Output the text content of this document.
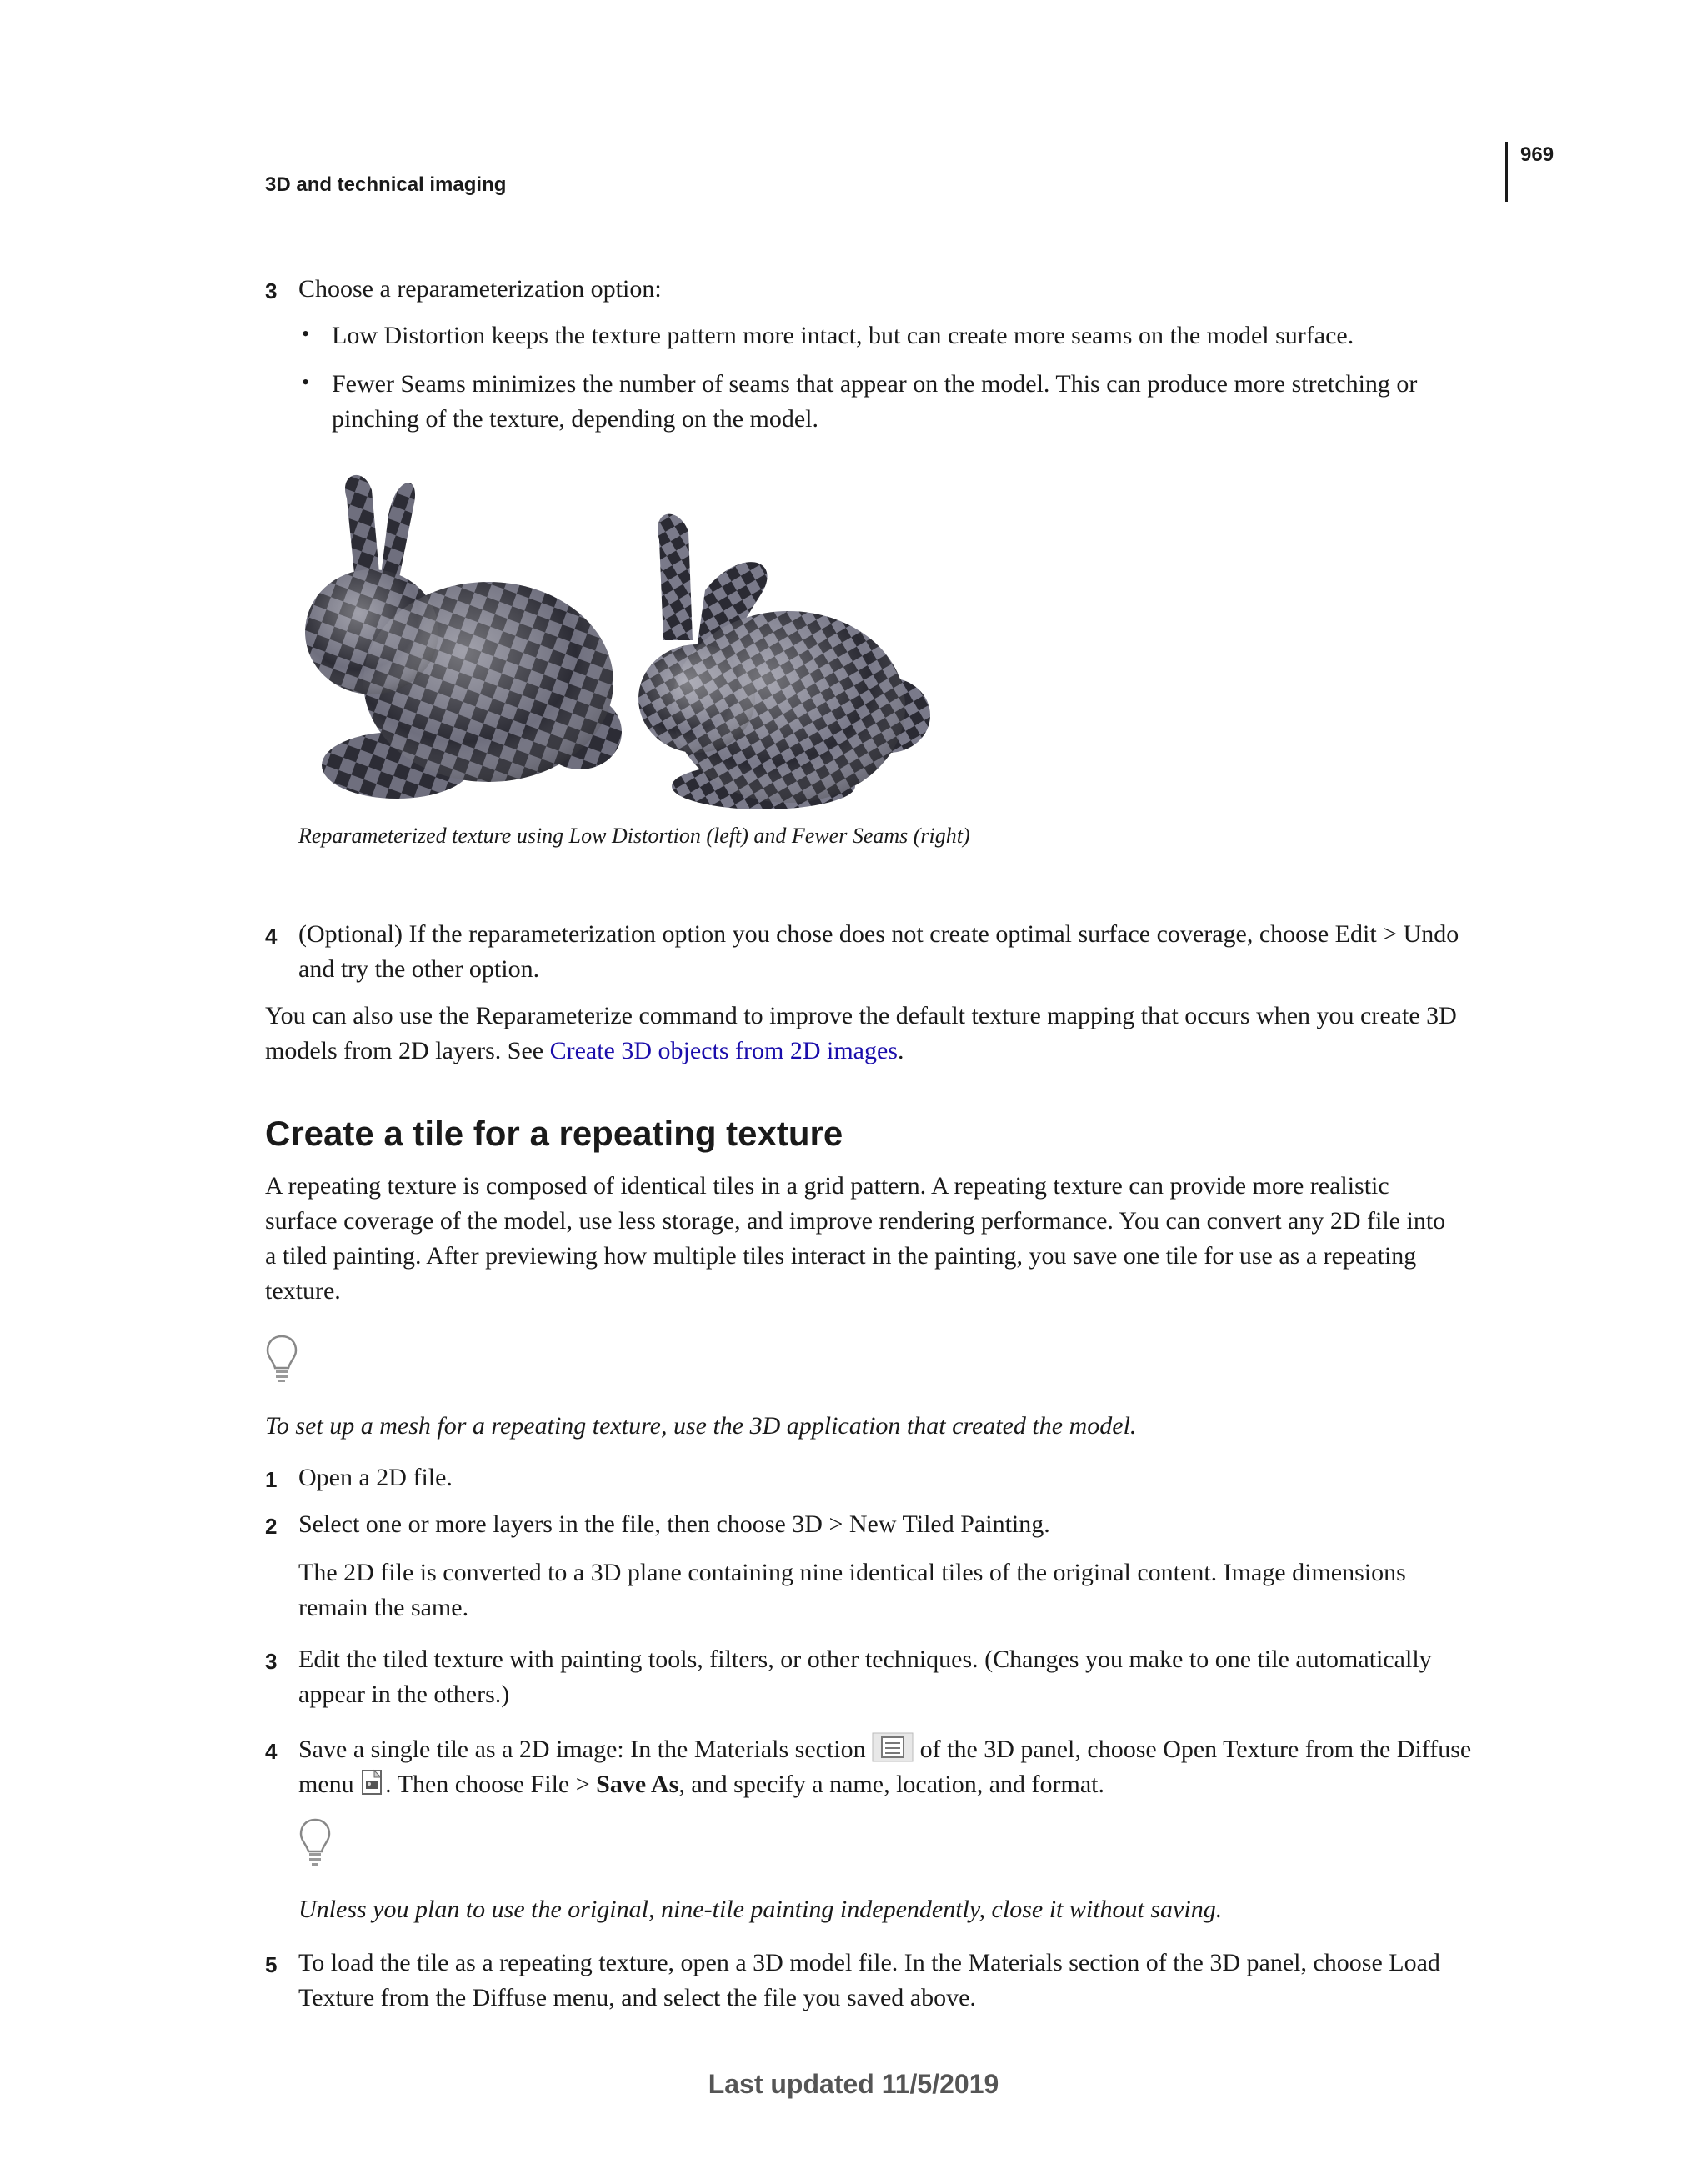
969
3D and technical imaging
3 Choose a reparameterization option:
• Low Distortion keeps the texture pattern more intact, but can create more seams on the model surface.
• Fewer Seams minimizes the number of seams that appear on the model. This can produce more stretching or
pinching of the texture, depending on the model.
Reparameterized texture using Low Distortion (left) and Fewer Seams (right)
4 (Optional) If the reparameterization option you chose does not create optimal surface coverage, choose Edit > Undo
and try the other option.
You can also use the Reparameterize command to improve the default texture mapping that occurs when you create 3D
models from 2D layers. See Create 3D objects from 2D images.
Create a tile for a repeating texture
A repeating texture is composed of identical tiles in a grid pattern. A repeating texture can provide more realistic
surface coverage of the model, use less storage, and improve rendering performance. You can convert any 2D file into
a tiled painting. After previewing how multiple tiles interact in the painting, you save one tile for use as a repeating
texture.
To set up a mesh for a repeating texture, use the 3D application that created the model.
1 Open a 2D file.
2 Select one or more layers in the file, then choose 3D > New Tiled Painting.
The 2D file is converted to a 3D plane containing nine identical tiles of the original content. Image dimensions
remain the same.
3 Edit the tiled texture with painting tools, filters, or other techniques. (Changes you make to one tile automatically
appear in the others.)
4 Save a single tile as a 2D image: In the Materials section  of the 3D panel, choose Open Texture from the Diffuse
menu . Then choose File > Save As, and specify a name, location, and format.
Unless you plan to use the original, nine-tile painting independently, close it without saving.
5 To load the tile as a repeating texture, open a 3D model file. In the Materials section of the 3D panel, choose Load
Texture from the Diffuse menu, and select the file you saved above.
Last updated 11/5/2019
